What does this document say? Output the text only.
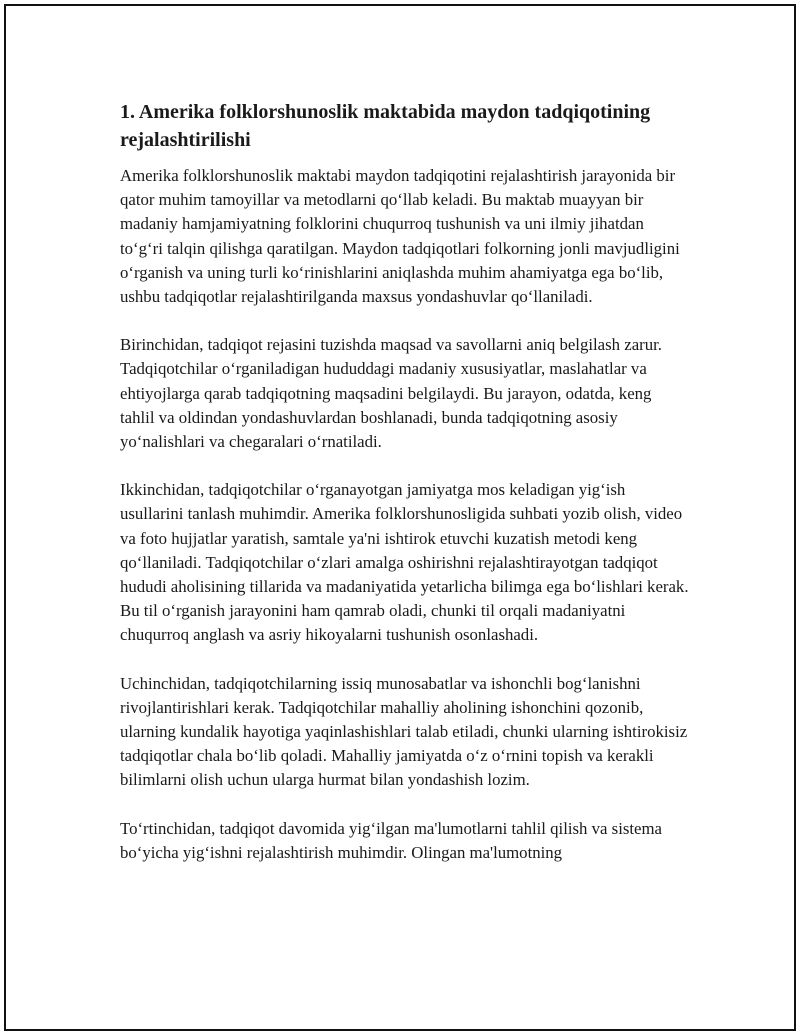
1. Amerika folklorshunoslik maktabida maydon tadqiqotining rejalashtirilishi

Amerika folklorshunoslik maktabi maydon tadqiqotini rejalashtirish jarayonida bir qator muhim tamoyillar va metodlarni qo‘llab keladi. Bu maktab muayyan bir madaniy hamjamiyatning folklorini chuqurroq tushunish va uni ilmiy jihatdan to‘g‘ri talqin qilishga qaratilgan. Maydon tadqiqotlari folkorning jonli mavjudligini o‘rganish va uning turli ko‘rinishlarini aniqlashda muhim ahamiyatga ega bo‘lib, ushbu tadqiqotlar rejalashtirilganda maxsus yondashuvlar qo‘llaniladi.

Birinchidan, tadqiqot rejasini tuzishda maqsad va savollarni aniq belgilash zarur. Tadqiqotchilar o‘rganiladigan hududdagi madaniy xususiyatlar, maslahatlar va ehtiyojlarga qarab tadqiqotning maqsadini belgilaydi. Bu jarayon, odatda, keng tahlil va oldindan yondashuvlardan boshlanadi, bunda tadqiqotning asosiy yo‘nalishlari va chegaralari o‘rnatiladi.

Ikkinchidan, tadqiqotchilar o‘rganayotgan jamiyatga mos keladigan yig‘ish usullarini tanlash muhimdir. Amerika folklorshunosligida suhbati yozib olish, video va foto hujjatlar yaratish, samtale ya'ni ishtirok etuvchi kuzatish metodi keng qo‘llaniladi. Tadqiqotchilar o‘zlari amalga oshirishni rejalashtirayotgan tadqiqot hududi aholisining tillarida va madaniyatida yetarlicha bilimga ega bo‘lishlari kerak. Bu til o‘rganish jarayonini ham qamrab oladi, chunki til orqali madaniyatni chuqurroq anglash va asriy hikoyalarni tushunish osonlashadi.

Uchinchidan, tadqiqotchilarning issiq munosabatlar va ishonchli bog‘lanishni rivojlantirishlari kerak. Tadqiqotchilar mahalliy aholining ishonchini qozonib, ularning kundalik hayotiga yaqinlashishlari talab etiladi, chunki ularning ishtirokisiz tadqiqotlar chala bo‘lib qoladi. Mahalliy jamiyatda o‘z o‘rnini topish va kerakli bilimlarni olish uchun ularga hurmat bilan yondashish lozim.

To‘rtinchidan, tadqiqot davomida yig‘ilgan ma'lumotlarni tahlil qilish va sistema bo‘yicha yig‘ishni rejalashtirish muhimdir. Olingan ma'lumotning
